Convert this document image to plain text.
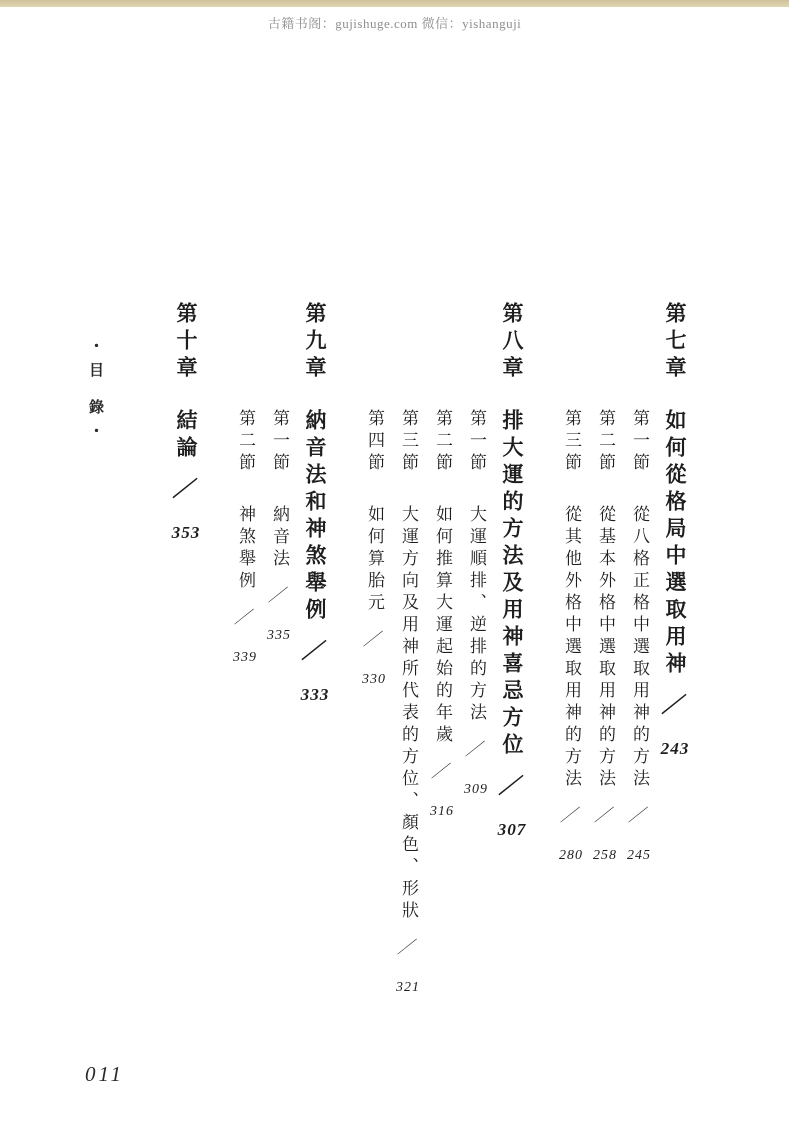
古籍书阁：gujishuge.com 微信：yishanguji
第七章如何從格局中選取用神／243
第一節從八格正格中選取用神的方法／245
第二節從基本外格中選取用神的方法／258
第三節從其他外格中選取用神的方法／280
第八章排大運的方法及用神喜忌方位／307
第一節大運順排、逆排的方法／309
第二節如何推算大運起始的年歲／316
第三節大運方向及用神所代表的方位、顏色、形狀／321
第四節如何算胎元／330
第九章納音法和神煞舉例／333
第一節納音法／335
第二節神煞舉例／339
第十章結論／353
・目 錄・
011
